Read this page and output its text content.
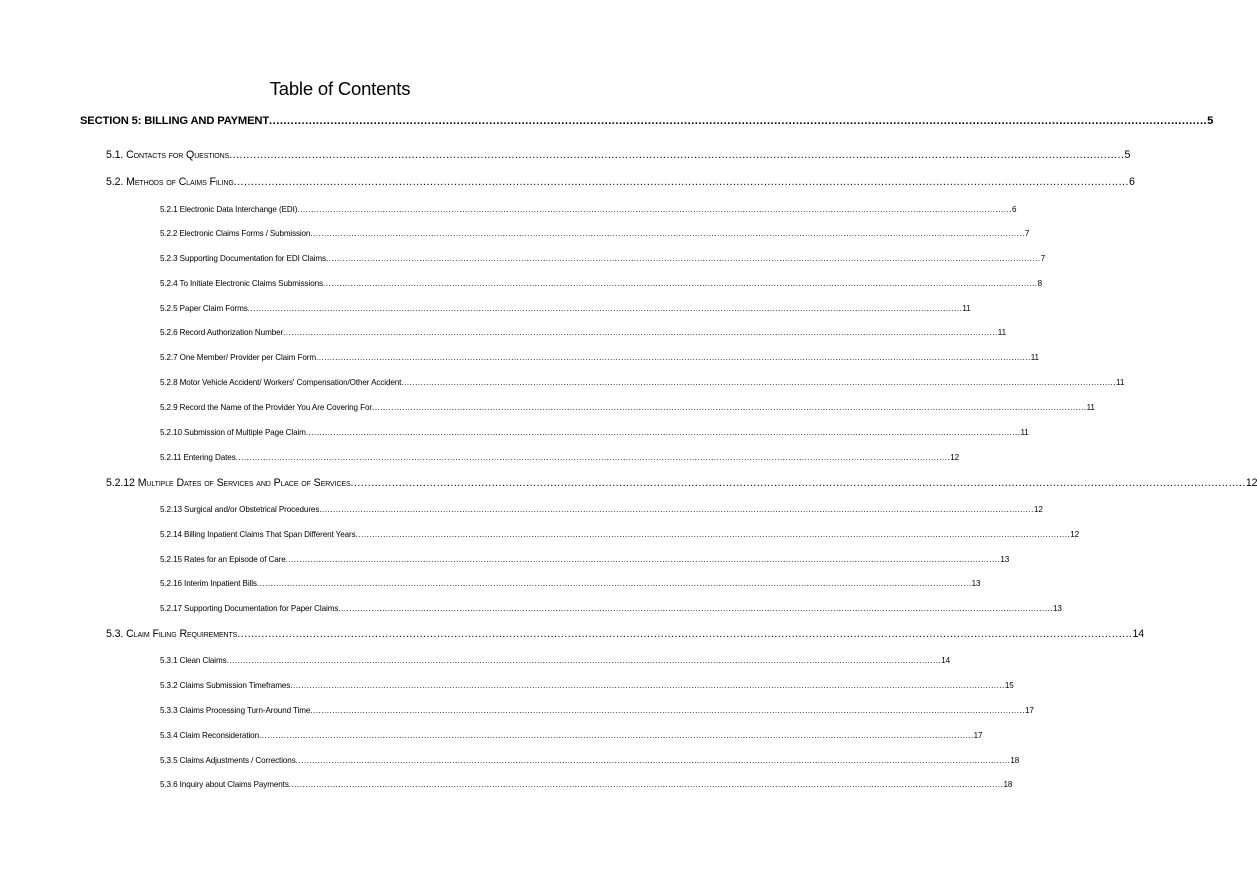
Table of Contents
SECTION 5: BILLING AND PAYMENT .................................................................................................................................................................................................................................................................... 5
5.1. Contacts for Questions .................................................................................................................................................................................................................................................................... 5
5.2. Methods of Claims Filing .................................................................................................................................................................................................................................................................... 6
5.2.1 Electronic Data Interchange (EDI) .................................................................................................................................................................................................................................................................... 6
5.2.2 Electronic Claims Forms / Submission .................................................................................................................................................................................................................................................................... 7
5.2.3 Supporting Documentation for EDI Claims .................................................................................................................................................................................................................................................................... 7
5.2.4 To Initiate Electronic Claims Submissions .................................................................................................................................................................................................................................................................... 8
5.2.5 Paper Claim Forms .................................................................................................................................................................................................................................................................... 11
5.2.6 Record Authorization Number .................................................................................................................................................................................................................................................................... 11
5.2.7 One Member/ Provider per Claim Form .................................................................................................................................................................................................................................................................... 11
5.2.8 Motor Vehicle Accident/ Workers' Compensation/Other Accident .................................................................................................................................................................................................................................................................... 11
5.2.9 Record the Name of the Provider You Are Covering For .................................................................................................................................................................................................................................................................... 11
5.2.10 Submission of Multiple Page Claim .................................................................................................................................................................................................................................................................... 11
5.2.11 Entering Dates .................................................................................................................................................................................................................................................................... 12
5.2.12 Multiple Dates of Services and Place of Services .................................................................................................................................................................................................................................................................... 12
5.2.13 Surgical and/or Obstetrical Procedures .................................................................................................................................................................................................................................................................... 12
5.2.14 Billing Inpatient Claims That Span Different Years .................................................................................................................................................................................................................................................................... 12
5.2.15 Rates for an Episode of Care .................................................................................................................................................................................................................................................................... 13
5.2.16 Interim Inpatient Bills .................................................................................................................................................................................................................................................................... 13
5.2.17 Supporting Documentation for Paper Claims .................................................................................................................................................................................................................................................................... 13
5.3. Claim Filing Requirements .................................................................................................................................................................................................................................................................... 14
5.3.1 Clean Claims .................................................................................................................................................................................................................................................................... 14
5.3.2 Claims Submission Timeframes .................................................................................................................................................................................................................................................................... 15
5.3.3 Claims Processing Turn-Around Time .................................................................................................................................................................................................................................................................... 17
5.3.4 Claim Reconsideration .................................................................................................................................................................................................................................................................... 17
5.3.5 Claims Adjustments / Corrections .................................................................................................................................................................................................................................................................... 18
5.3.6 Inquiry about Claims Payments .................................................................................................................................................................................................................................................................... 18
